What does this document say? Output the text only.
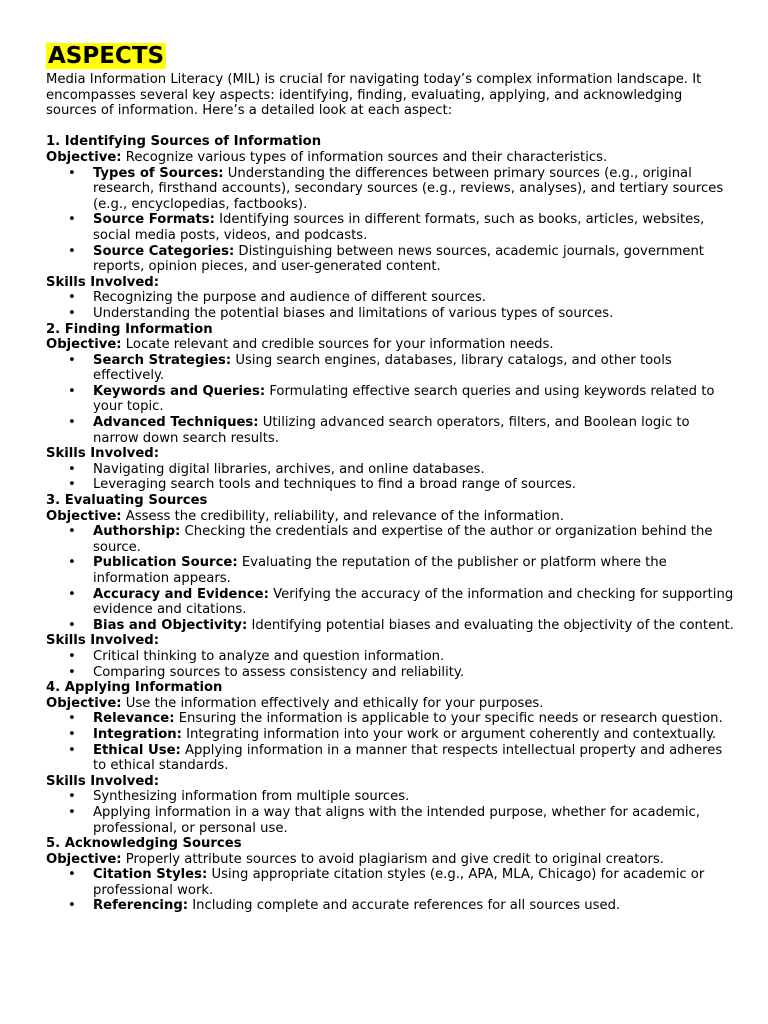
ASPECTS

Media Information Literacy (MIL) is crucial for navigating today’s complex information landscape. It encompasses several key aspects: identifying, finding, evaluating, applying, and acknowledging sources of information. Here’s a detailed look at each aspect:

1. Identifying Sources of Information
Objective: Recognize various types of information sources and their characteristics.
• Types of Sources: Understanding the differences between primary sources (e.g., original research, firsthand accounts), secondary sources (e.g., reviews, analyses), and tertiary sources (e.g., encyclopedias, factbooks).
• Source Formats: Identifying sources in different formats, such as books, articles, websites, social media posts, videos, and podcasts.
• Source Categories: Distinguishing between news sources, academic journals, government reports, opinion pieces, and user-generated content.
Skills Involved:
• Recognizing the purpose and audience of different sources.
• Understanding the potential biases and limitations of various types of sources.
2. Finding Information
Objective: Locate relevant and credible sources for your information needs.
• Search Strategies: Using search engines, databases, library catalogs, and other tools effectively.
• Keywords and Queries: Formulating effective search queries and using keywords related to your topic.
• Advanced Techniques: Utilizing advanced search operators, filters, and Boolean logic to narrow down search results.
Skills Involved:
• Navigating digital libraries, archives, and online databases.
• Leveraging search tools and techniques to find a broad range of sources.
3. Evaluating Sources
Objective: Assess the credibility, reliability, and relevance of the information.
• Authorship: Checking the credentials and expertise of the author or organization behind the source.
• Publication Source: Evaluating the reputation of the publisher or platform where the information appears.
• Accuracy and Evidence: Verifying the accuracy of the information and checking for supporting evidence and citations.
• Bias and Objectivity: Identifying potential biases and evaluating the objectivity of the content.
Skills Involved:
• Critical thinking to analyze and question information.
• Comparing sources to assess consistency and reliability.
4. Applying Information
Objective: Use the information effectively and ethically for your purposes.
• Relevance: Ensuring the information is applicable to your specific needs or research question.
• Integration: Integrating information into your work or argument coherently and contextually.
• Ethical Use: Applying information in a manner that respects intellectual property and adheres to ethical standards.
Skills Involved:
• Synthesizing information from multiple sources.
• Applying information in a way that aligns with the intended purpose, whether for academic, professional, or personal use.
5. Acknowledging Sources
Objective: Properly attribute sources to avoid plagiarism and give credit to original creators.
• Citation Styles: Using appropriate citation styles (e.g., APA, MLA, Chicago) for academic or professional work.
• Referencing: Including complete and accurate references for all sources used.
